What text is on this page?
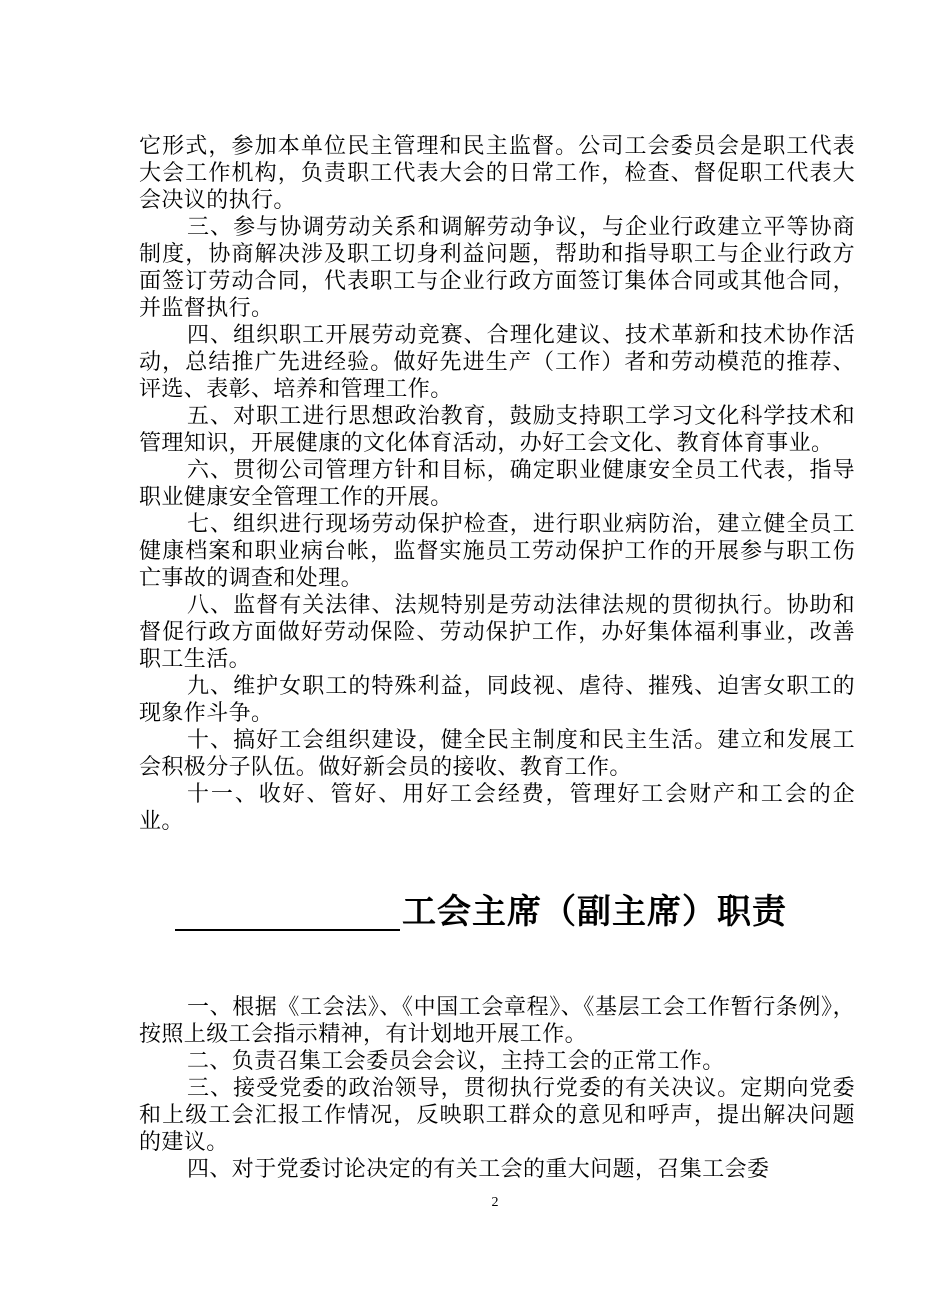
它形式，参加本单位民主管理和民主监督。公司工会委员会是职工代表大会工作机构，负责职工代表大会的日常工作，检查、督促职工代表大会决议的执行。

三、参与协调劳动关系和调解劳动争议，与企业行政建立平等协商制度，协商解决涉及职工切身利益问题，帮助和指导职工与企业行政方面签订劳动合同，代表职工与企业行政方面签订集体合同或其他合同，并监督执行。

四、组织职工开展劳动竞赛、合理化建议、技术革新和技术协作活动，总结推广先进经验。做好先进生产（工作）者和劳动模范的推荐、评选、表彰、培养和管理工作。

五、对职工进行思想政治教育，鼓励支持职工学习文化科学技术和管理知识，开展健康的文化体育活动，办好工会文化、教育体育事业。

六、贯彻公司管理方针和目标，确定职业健康安全员工代表，指导职业健康安全管理工作的开展。

七、组织进行现场劳动保护检查，进行职业病防治，建立健全员工健康档案和职业病台帐，监督实施员工劳动保护工作的开展参与职工伤亡事故的调查和处理。

八、监督有关法律、法规特别是劳动法律法规的贯彻执行。协助和督促行政方面做好劳动保险、劳动保护工作，办好集体福利事业，改善职工生活。

九、维护女职工的特殊利益，同歧视、虐待、摧残、迫害女职工的现象作斗争。

十、搞好工会组织建设，健全民主制度和民主生活。建立和发展工会积极分子队伍。做好新会员的接收、教育工作。

十一、收好、管好、用好工会经费，管理好工会财产和工会的企业。

工会主席（副主席）职责

一、根据《工会法》、《中国工会章程》、《基层工会工作暂行条例》，按照上级工会指示精神，有计划地开展工作。

二、负责召集工会委员会会议，主持工会的正常工作。

三、接受党委的政治领导，贯彻执行党委的有关决议。定期向党委和上级工会汇报工作情况，反映职工群众的意见和呼声，提出解决问题的建议。

四、对于党委讨论决定的有关工会的重大问题，召集工会委

2
